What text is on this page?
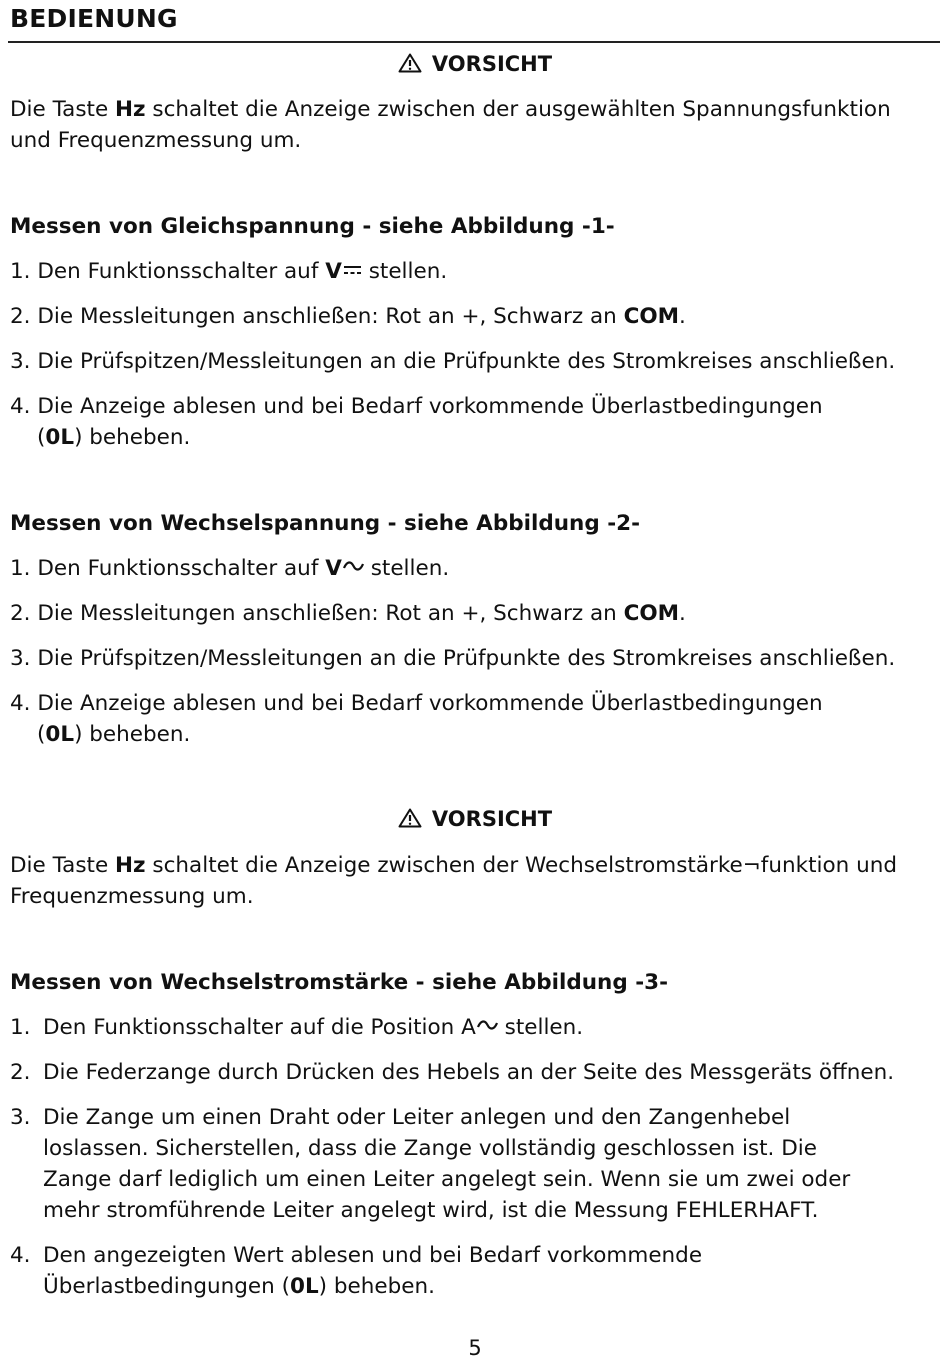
BEDIENUNG
VORSICHT
Die Taste Hz schaltet die Anzeige zwischen der ausgewählten Spannungsfunktion und Frequenzmessung um.
Messen von Gleichspannung - siehe Abbildung -1-
1. Den Funktionsschalter auf V stellen.
2. Die Messleitungen anschließen: Rot an +, Schwarz an COM.
3. Die Prüfspitzen/Messleitungen an die Prüfpunkte des Stromkreises anschließen.
4. Die Anzeige ablesen und bei Bedarf vorkommende Überlastbedingungen
(0L) beheben.
Messen von Wechselspannung - siehe Abbildung -2-
1. Den Funktionsschalter auf V stellen.
2. Die Messleitungen anschließen: Rot an +, Schwarz an COM.
3. Die Prüfspitzen/Messleitungen an die Prüfpunkte des Stromkreises anschließen.
4. Die Anzeige ablesen und bei Bedarf vorkommende Überlastbedingungen
(0L) beheben.
VORSICHT
Die Taste Hz schaltet die Anzeige zwischen der Wechselstromstärke¬funktion und Frequenzmessung um.
Messen von Wechselstromstärke - siehe Abbildung -3-
1. Den Funktionsschalter auf die Position A stellen.
2. Die Federzange durch Drücken des Hebels an der Seite des Messgeräts öffnen.
3. Die Zange um einen Draht oder Leiter anlegen und den Zangenhebel loslassen. Sicherstellen, dass die Zange vollständig geschlossen ist. Die Zange darf lediglich um einen Leiter angelegt sein. Wenn sie um zwei oder mehr stromführende Leiter angelegt wird, ist die Messung FEHLERHAFT.
4. Den angezeigten Wert ablesen und bei Bedarf vorkommende Überlastbedingungen (0L) beheben.
5
